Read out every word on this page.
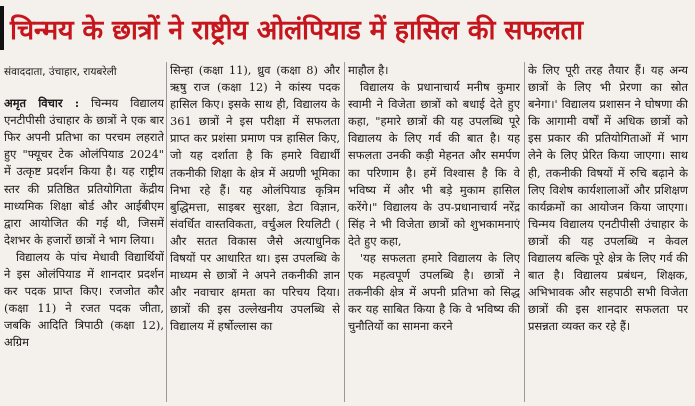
चिन्मय के छात्रों ने राष्ट्रीय ओलंपियाड में हासिल की सफलता
संवाददाता, उंचाहार, रायबरेली

अमृत विचार : चिन्मय विद्यालय एनटीपीसी उंचाहार के छात्रों ने एक बार फिर अपनी प्रतिभा का परचम लहराते हुए "फ्यूचर टेक ओलंपियाड 2024" में उत्कृष्ट प्रदर्शन किया है। यह राष्ट्रीय स्तर की प्रतिष्ठित प्रतियोगिता केंद्रीय माध्यमिक शिक्षा बोर्ड और आईबीएम द्वारा आयोजित की गई थी, जिसमें देशभर के हजारों छात्रों ने भाग लिया।

विद्यालय के पांच मेधावी विद्यार्थियों ने इस ओलंपियाड में शानदार प्रदर्शन कर पदक प्राप्त किए। रजजोत कौर (कक्षा 11) ने रजत पदक जीता, जबकि आदिति त्रिपाठी (कक्षा 12), अग्रिम

सिन्हा (कक्षा 11), ध्रुव (कक्षा 8) और ऋषु राज (कक्षा 12) ने कांस्य पदक हासिल किए। इसके साथ ही, विद्यालय के 361 छात्रों ने इस परीक्षा में सफलता प्राप्त कर प्रशंसा प्रमाण पत्र हासिल किए, जो यह दर्शाता है कि हमारे विद्यार्थी तकनीकी शिक्षा के क्षेत्र में अग्रणी भूमिका निभा रहे हैं। यह ओलंपियाड कृत्रिम बुद्धिमत्ता, साइबर सुरक्षा, डेटा विज्ञान, संवर्धित वास्तविकता, वर्चुअल रियलिटी ( और सतत विकास जैसे अत्याधुनिक विषयों पर आधारित था। इस उपलब्धि के माध्यम से छात्रों ने अपने तकनीकी ज्ञान और नवाचार क्षमता का परिचय दिया। छात्रों की इस उल्लेखनीय उपलब्धि से विद्यालय में हर्षोल्लास का

माहौल है।

विद्यालय के प्रधानाचार्य मनीष कुमार स्वामी ने विजेता छात्रों को बधाई देते हुए कहा, "हमारे छात्रों की यह उपलब्धि पूरे विद्यालय के लिए गर्व की बात है। यह सफलता उनकी कड़ी मेहनत और समर्पण का परिणाम है। हमें विश्वास है कि वे भविष्य में और भी बड़े मुकाम हासिल करेंगे।" विद्यालय के उप-प्रधानाचार्य नरेंद्र सिंह ने भी विजेता छात्रों को शुभकामनाएं देते हुए कहा,

'यह सफलता हमारे विद्यालय के लिए एक महत्वपूर्ण उपलब्धि है। छात्रों ने तकनीकी क्षेत्र में अपनी प्रतिभा को सिद्ध कर यह साबित किया है कि वे भविष्य की चुनौतियों का सामना करने

के लिए पूरी तरह तैयार हैं। यह अन्य छात्रों के लिए भी प्रेरणा का स्रोत बनेगा।' विद्यालय प्रशासन ने घोषणा की कि आगामी वर्षों में अधिक छात्रों को इस प्रकार की प्रतियोगिताओं में भाग लेने के लिए प्रेरित किया जाएगा। साथ ही, तकनीकी विषयों में रुचि बढ़ाने के लिए विशेष कार्यशालाओं और प्रशिक्षण कार्यक्रमों का आयोजन किया जाएगा। चिन्मय विद्यालय एनटीपीसी उंचाहार के छात्रों की यह उपलब्धि न केवल विद्यालय बल्कि पूरे क्षेत्र के लिए गर्व की बात है। विद्यालय प्रबंधन, शिक्षक, अभिभावक और सहपाठी सभी विजेता छात्रों की इस शानदार सफलता पर प्रसन्नता व्यक्त कर रहे हैं।
